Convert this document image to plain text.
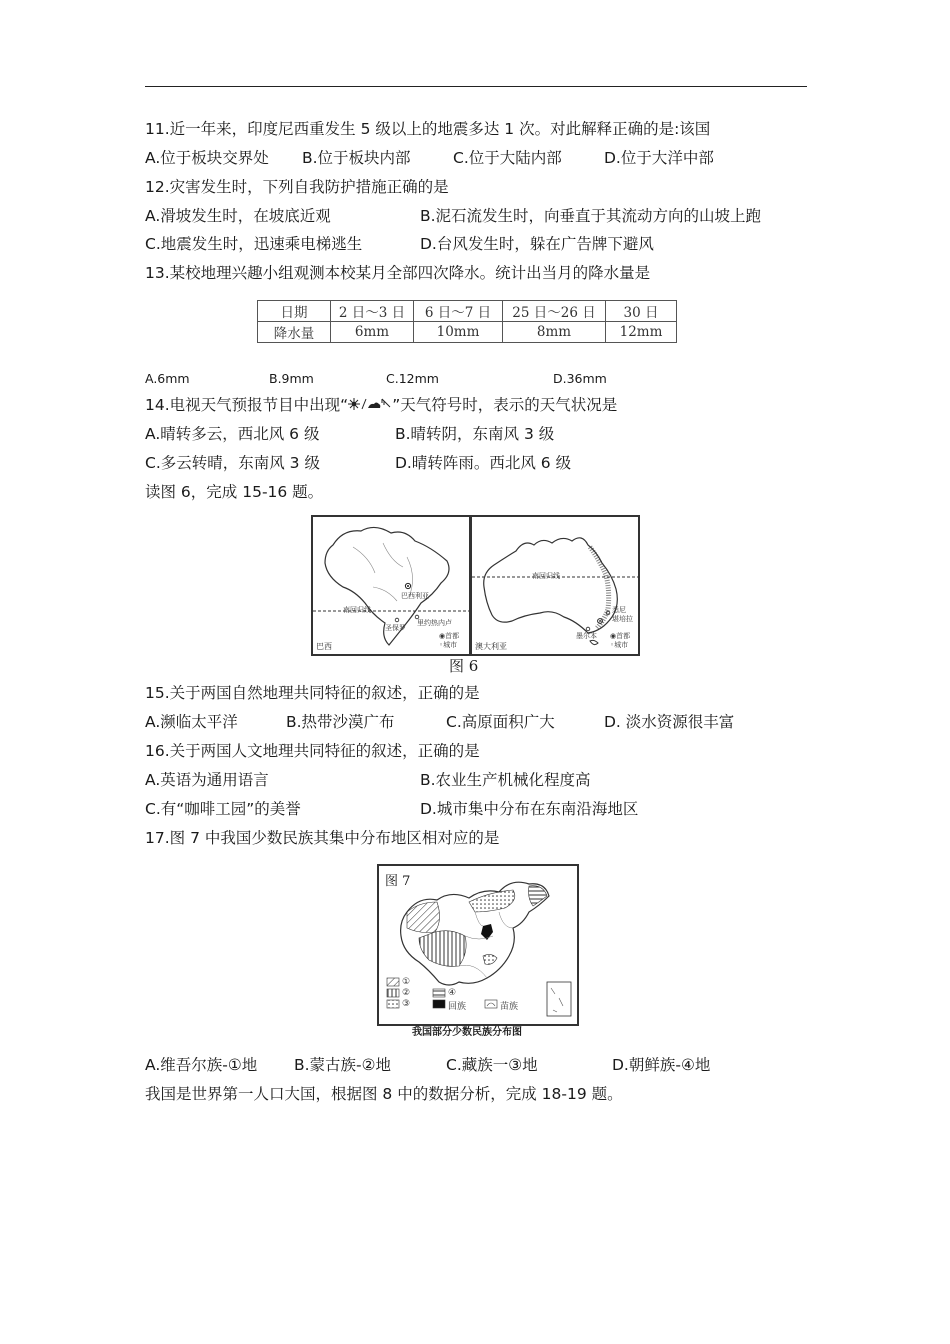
11.近一年来，印度尼西重发生 5 级以上的地震多达 1 次。对此解释正确的是:该国
A.位于板块交界处 B.位于板块内部	C.位于大陆内部	D.位于大洋中部
12.灾害发生时，下列自我防护措施正确的是
A.滑坡发生时，在坡底近观	B.泥石流发生时，向垂直于其流动方向的山坡上跑
C.地震发生时，迅速乘电梯逃生	D.台风发生时，躲在广告牌下避风
13.某校地理兴趣小组观测本校某月全部四次降水。统计出当月的降水量是
日期	2 日～3 日	6 日～7 日	25 日～26 日	30 日
降水量	6mm	10mm	8mm	12mm
A.6mm	B.9mm	C.12mm	D.36mm
14.电视天气预报节目中出现“	”天气符号时，表示的天气状况是
A.晴转多云，西北风 6 级	B.晴转阴，东南风 3 级
C.多云转晴，东南风 3 级	D.晴转阵雨。西北风 6 级
读图 6，完成 15-16 题。
巴西利亚
南回归线
圣保罗
里约热内卢
巴西
◉首都
◦城市
南回归线
悉尼
墨尔本
堪培拉
澳大利亚
◉首都
◦城市
图 6
15.关于两国自然地理共同特征的叙述，正确的是
A.濒临太平洋	B.热带沙漠广布	C.高原面积广大	D. 淡水资源很丰富
16.关于两国人文地理共同特征的叙述，正确的是
A.英语为通用语言	B.农业生产机械化程度高
C.有“咖啡工园”的美誉	D.城市集中分布在东南沿海地区
17.图 7 中我国少数民族其集中分布地区相对应的是
图 7
①
②
③
④
回族	苗族
我国部分少数民族分布图
A.维吾尔族-①地 B.蒙古族-②地	C.藏族一③地	D.朝鲜族-④地
我国是世界第一人口大国，根据图 8 中的数据分析，完成 18-19 题。
